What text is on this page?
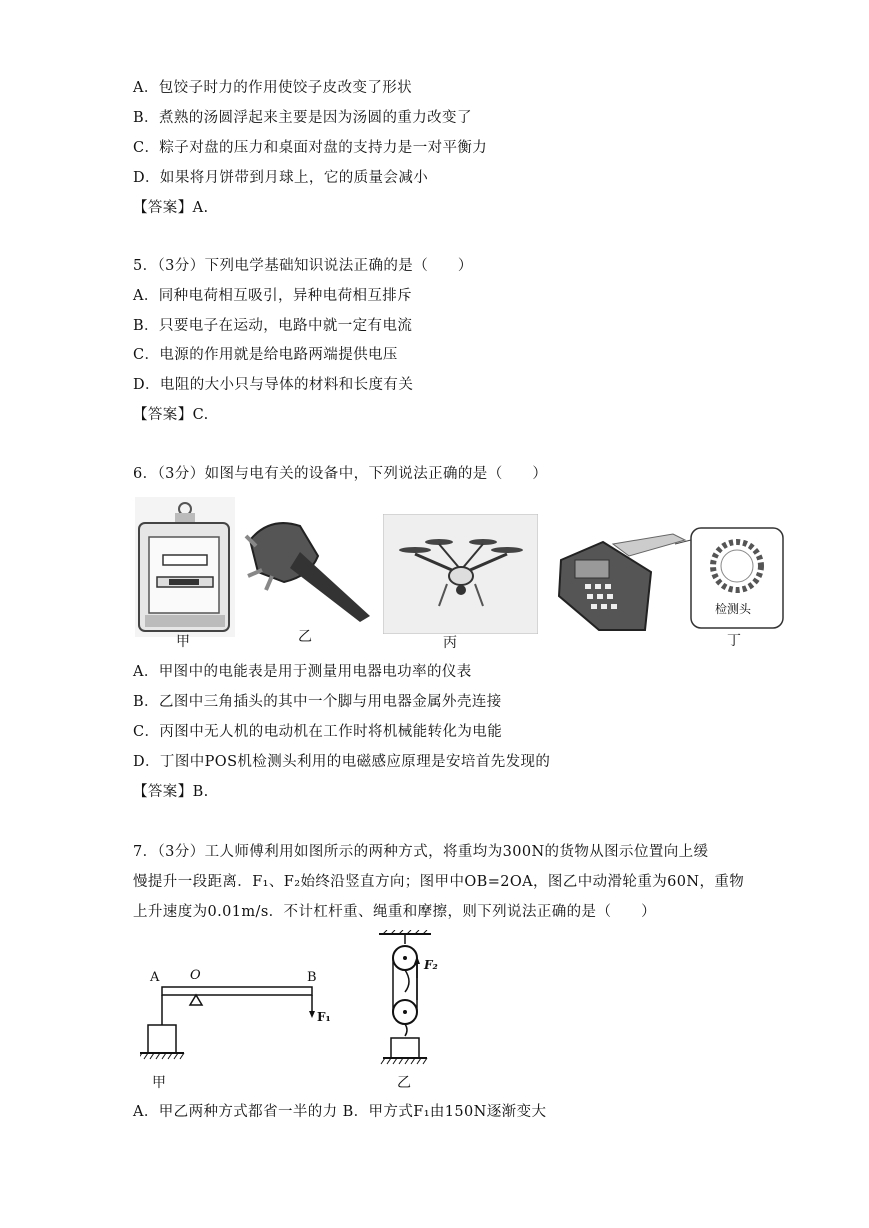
A．包饺子时力的作用使饺子皮改变了形状
B．煮熟的汤圆浮起来主要是因为汤圆的重力改变了
C．粽子对盘的压力和桌面对盘的支持力是一对平衡力
D．如果将月饼带到月球上，它的质量会减小
【答案】A.
5．（3分）下列电学基础知识说法正确的是（　　）
A．同种电荷相互吸引，异种电荷相互排斥
B．只要电子在运动，电路中就一定有电流
C．电源的作用就是给电路两端提供电压
D．电阻的大小只与导体的材料和长度有关
【答案】C.
6．（3分）如图与电有关的设备中，下列说法正确的是（　　）
甲	乙	丙
检测头
丁
A．甲图中的电能表是用于测量用电器电功率的仪表
B．乙图中三角插头的其中一个脚与用电器金属外壳连接
C．丙图中无人机的电动机在工作时将机械能转化为电能
D．丁图中POS机检测头利用的电磁感应原理是安培首先发现的
【答案】B.
7．（3分）工人师傅利用如图所示的两种方式，将重均为300N的货物从图示位置向上缓
慢提升一段距离．F₁、F₂始终沿竖直方向；图甲中OB=2OA，图乙中动滑轮重为60N，重物
上升速度为0.01m/s．不计杠杆重、绳重和摩擦，则下列说法正确的是（　　）
A O	B
F₁
甲
F₂
乙
A．甲乙两种方式都省一半的力 B．甲方式F₁由150N逐渐变大
